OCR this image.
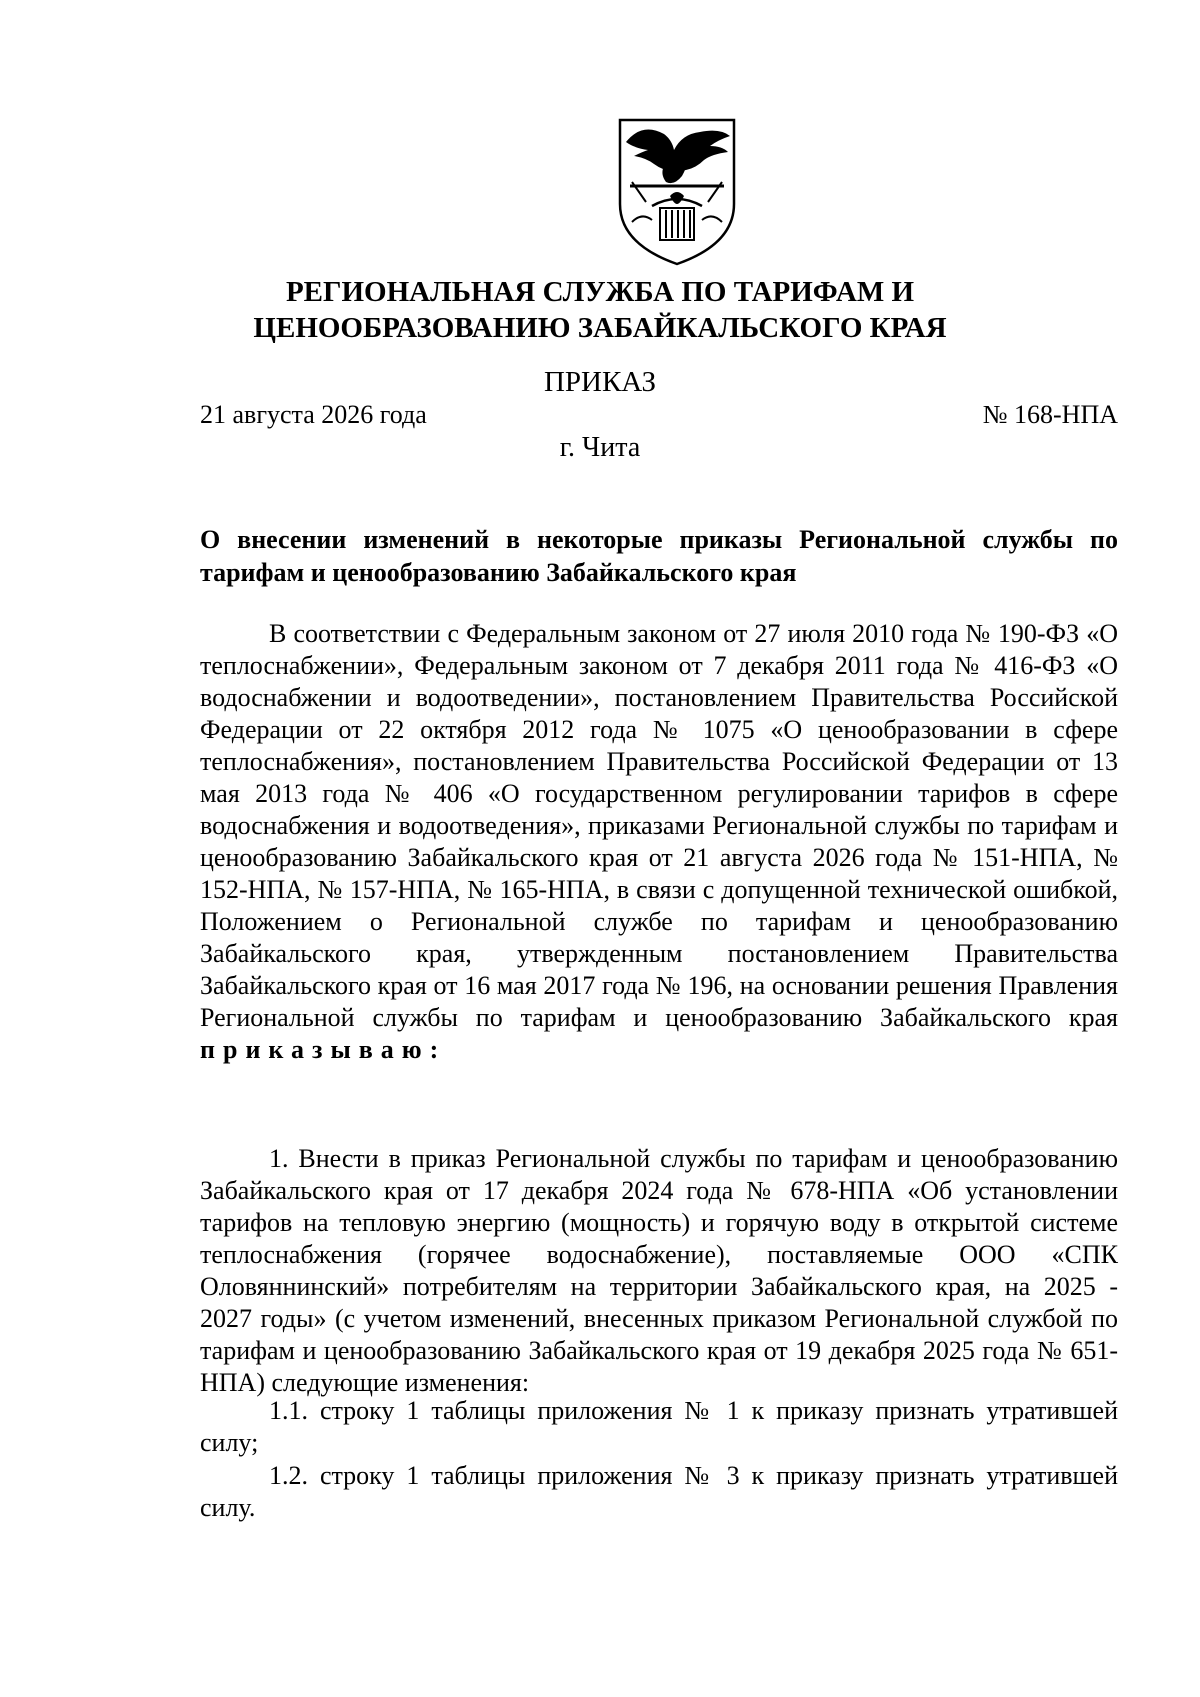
РЕГИОНАЛЬНАЯ СЛУЖБА ПО ТАРИФАМ И
ЦЕНООБРАЗОВАНИЮ ЗАБАЙКАЛЬСКОГО КРАЯ
ПРИКАЗ
21 августа 2026 года	№ 168-НПА
г. Чита
О внесении изменений в некоторые приказы Региональной службы по
тарифам и ценообразованию Забайкальского края

В соответствии с Федеральным законом от 27 июля 2010 года № 190-ФЗ «О теплоснабжении», Федеральным законом от 7 декабря 2011 года № 416-ФЗ «О водоснабжении и водоотведении», постановлением Правительства Российской Федерации от 22 октября 2012 года № 1075 «О ценообразовании в сфере теплоснабжения», постановлением Правительства Российской Федерации от 13 мая 2013 года № 406 «О государственном регулировании тарифов в сфере водоснабжения и водоотведения», приказами Региональной службы по тарифам и ценообразованию Забайкальского края от 21 августа 2026 года № 151-НПА, № 152-НПА, № 157-НПА, № 165-НПА, в связи с допущенной технической ошибкой, Положением о Региональной службе по тарифам и ценообразованию Забайкальского края, утвержденным постановлением Правительства Забайкальского края от 16 мая 2017 года № 196, на основании решения Правления Региональной службы по тарифам и ценообразованию Забайкальского края приказываю:

1. Внести в приказ Региональной службы по тарифам и ценообразованию Забайкальского края от 17 декабря 2024 года № 678-НПА «Об установлении тарифов на тепловую энергию (мощность) и горячую воду в открытой системе теплоснабжения (горячее водоснабжение), поставляемые ООО «СПК Оловяннинский» потребителям на территории Забайкальского края, на 2025 - 2027 годы» (с учетом изменений, внесенных приказом Региональной службой по тарифам и ценообразованию Забайкальского края от 19 декабря 2025 года № 651-НПА) следующие изменения:

1.1. строку 1 таблицы приложения № 1 к приказу признать утратившей силу;

1.2. строку 1 таблицы приложения № 3 к приказу признать утратившей силу.
